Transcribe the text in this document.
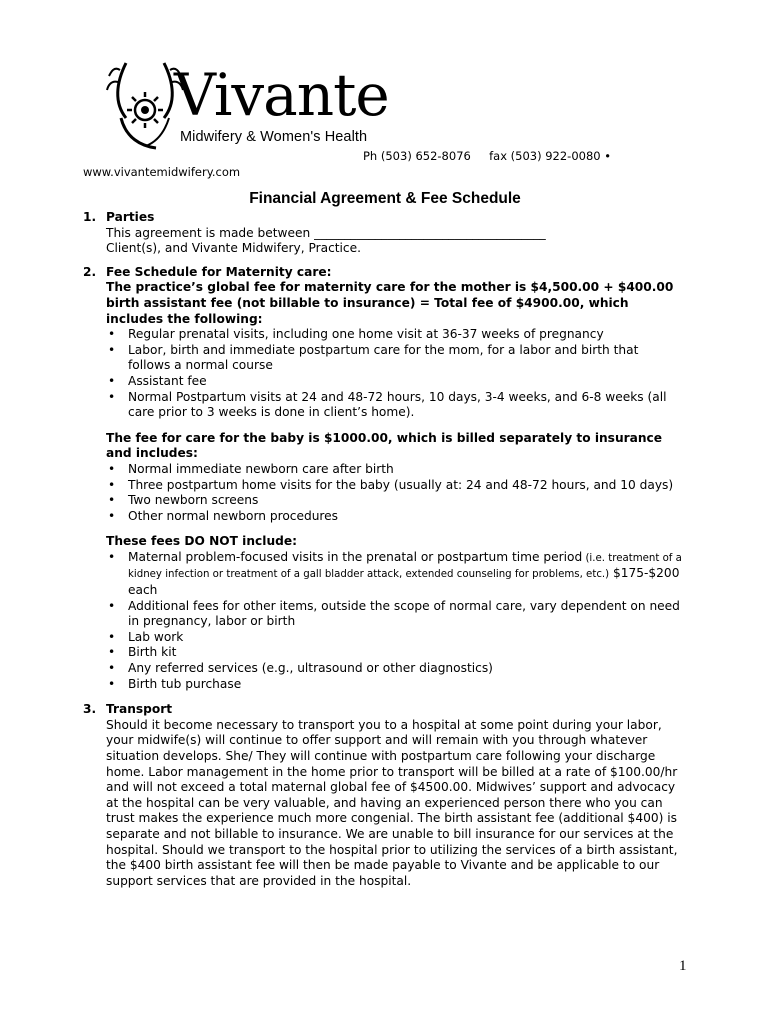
Vivante
Midwifery & Women's Health
Ph (503) 652-8076     fax (503) 922-0080 •
www.vivantemidwifery.com
Financial Agreement & Fee Schedule
1. Parties

This agreement is made between ______________________________________

Client(s), and Vivante Midwifery, Practice.

2. Fee Schedule for Maternity care:

The practice’s global fee for maternity care for the mother is $4,500.00 + $400.00 birth assistant fee (not billable to insurance) = Total fee of $4900.00, which includes the following:

• Regular prenatal visits, including one home visit at 36-37 weeks of pregnancy
• Labor, birth and immediate postpartum care for the mom, for a labor and birth that follows a normal course
• Assistant fee
• Normal Postpartum visits at 24 and 48-72 hours, 10 days, 3-4 weeks, and 6-8 weeks (all care prior to 3 weeks is done in client’s home).

The fee for care for the baby is $1000.00, which is billed separately to insurance and includes:

• Normal immediate newborn care after birth
• Three postpartum home visits for the baby (usually at: 24 and 48-72 hours, and 10 days)
• Two newborn screens
• Other normal newborn procedures

These fees DO NOT include:

• Maternal problem-focused visits in the prenatal or postpartum time period (i.e. treatment of a kidney infection or treatment of a gall bladder attack, extended counseling for problems, etc.) $175-$200 each
• Additional fees for other items, outside the scope of normal care, vary dependent on need in pregnancy, labor or birth
• Lab work
• Birth kit
• Any referred services (e.g., ultrasound or other diagnostics)
• Birth tub purchase
3. Transport

Should it become necessary to transport you to a hospital at some point during your labor, your midwife(s) will continue to offer support and will remain with you through whatever situation develops. She/ They will continue with postpartum care following your discharge home. Labor management in the home prior to transport will be billed at a rate of $100.00/hr and will not exceed a total maternal global fee of $4500.00. Midwives’ support and advocacy at the hospital can be very valuable, and having an experienced person there who you can trust makes the experience much more congenial. The birth assistant fee (additional $400) is separate and not billable to insurance. We are unable to bill insurance for our services at the hospital. Should we transport to the hospital prior to utilizing the services of a birth assistant, the $400 birth assistant fee will then be made payable to Vivante and be applicable to our support services that are provided in the hospital.

1
